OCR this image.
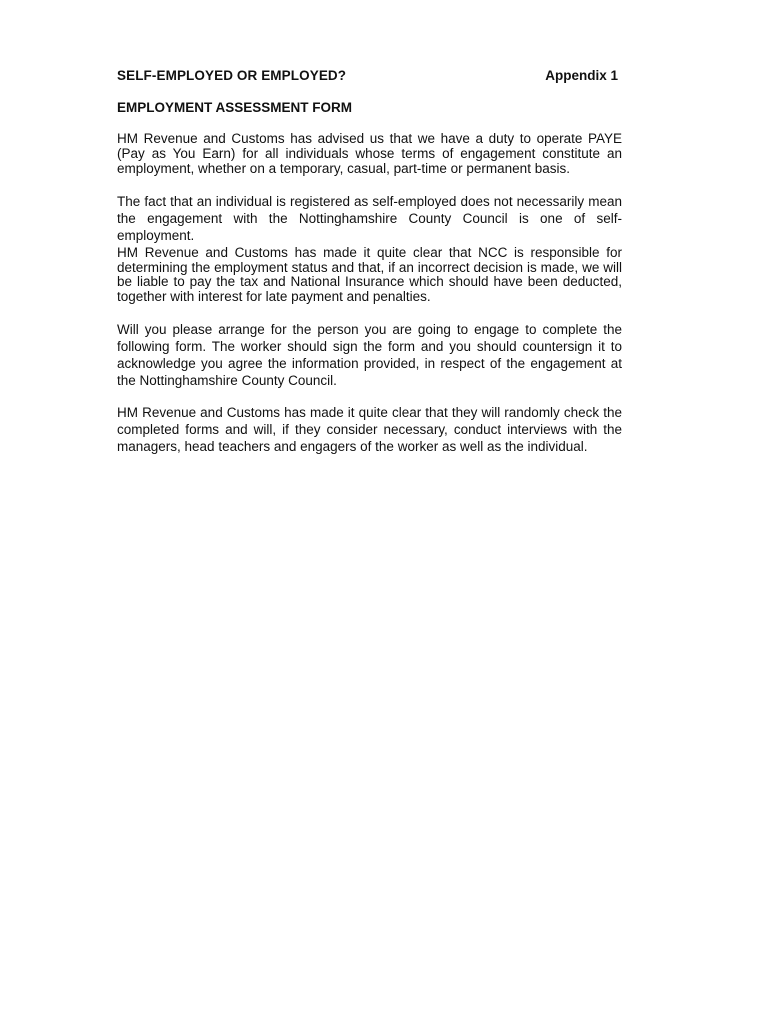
SELF-EMPLOYED OR EMPLOYED?	Appendix 1
EMPLOYMENT ASSESSMENT FORM

HM Revenue and Customs has advised us that we have a duty to operate PAYE (Pay as You Earn) for all individuals whose terms of engagement constitute an employment, whether on a temporary, casual, part-time or permanent basis.

The fact that an individual is registered as self-employed does not necessarily mean the engagement with the Nottinghamshire County Council is one of self-employment.

HM Revenue and Customs has made it quite clear that NCC is responsible for determining the employment status and that, if an incorrect decision is made, we will be liable to pay the tax and National Insurance which should have been deducted, together with interest for late payment and penalties.

Will you please arrange for the person you are going to engage to complete the following form. The worker should sign the form and you should countersign it to acknowledge you agree the information provided, in respect of the engagement at the Nottinghamshire County Council.

HM Revenue and Customs has made it quite clear that they will randomly check the completed forms and will, if they consider necessary, conduct interviews with the managers, head teachers and engagers of the worker as well as the individual.
